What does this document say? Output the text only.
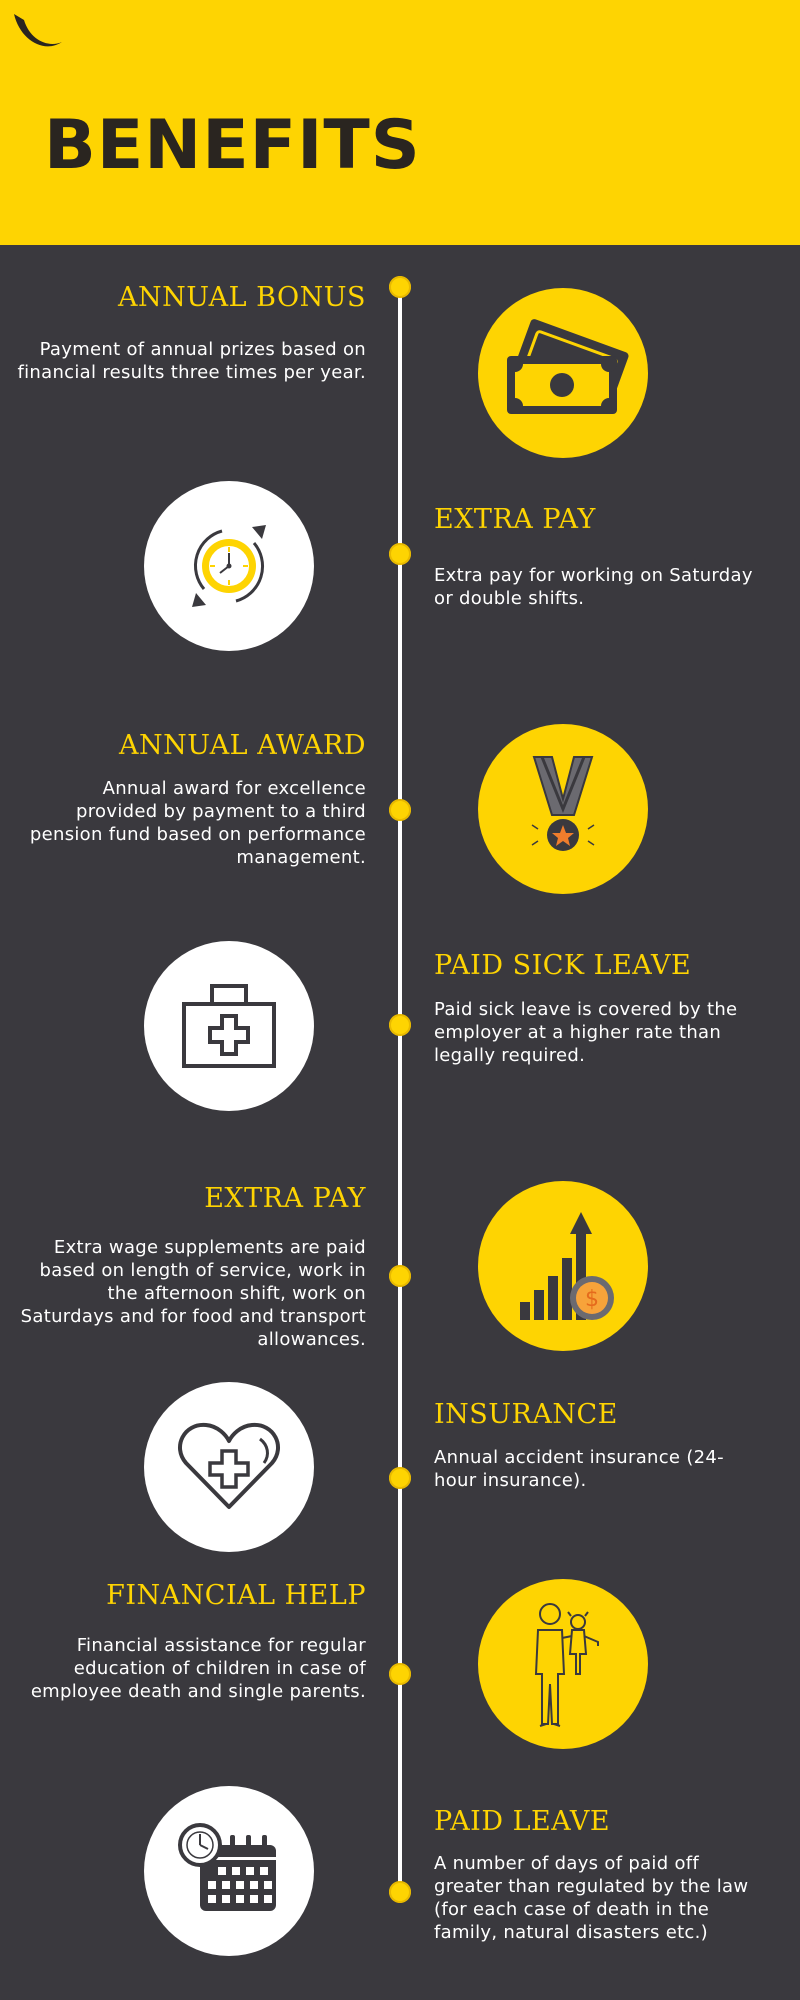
BENEFITS
ANNUAL BONUS
Payment of annual prizes based on financial results three times per year.
EXTRA PAY
Extra pay for working on Saturday or double shifts.
ANNUAL AWARD
Annual award for excellence provided by payment to a third pension fund based on performance management.
PAID SICK LEAVE
Paid sick leave is covered by the employer at a higher rate than legally required.
EXTRA PAY
Extra wage supplements are paid based on length of service, work in the afternoon shift, work on Saturdays and for food and transport allowances.
$
INSURANCE
Annual accident insurance (24-hour insurance).
FINANCIAL HELP
Financial assistance for regular education of children in case of employee death and single parents.
PAID LEAVE
A number of days of paid off greater than regulated by the law (for each case of death in the family, natural disasters etc.)
